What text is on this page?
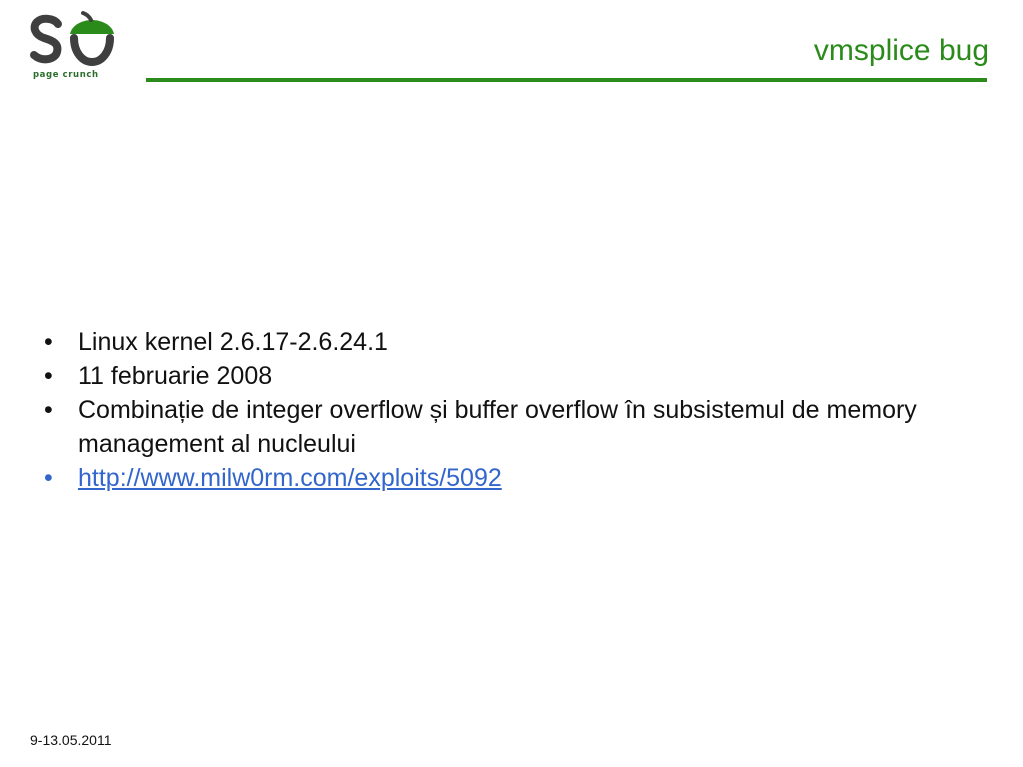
page crunch
vmsplice bug
•	Linux kernel 2.6.17-2.6.24.1
•	11 februarie 2008
•	Combinație de integer overflow și buffer overflow în subsistemul de memory management al nucleului
•	http://www.milw0rm.com/exploits/5092
9-13.05.2011
